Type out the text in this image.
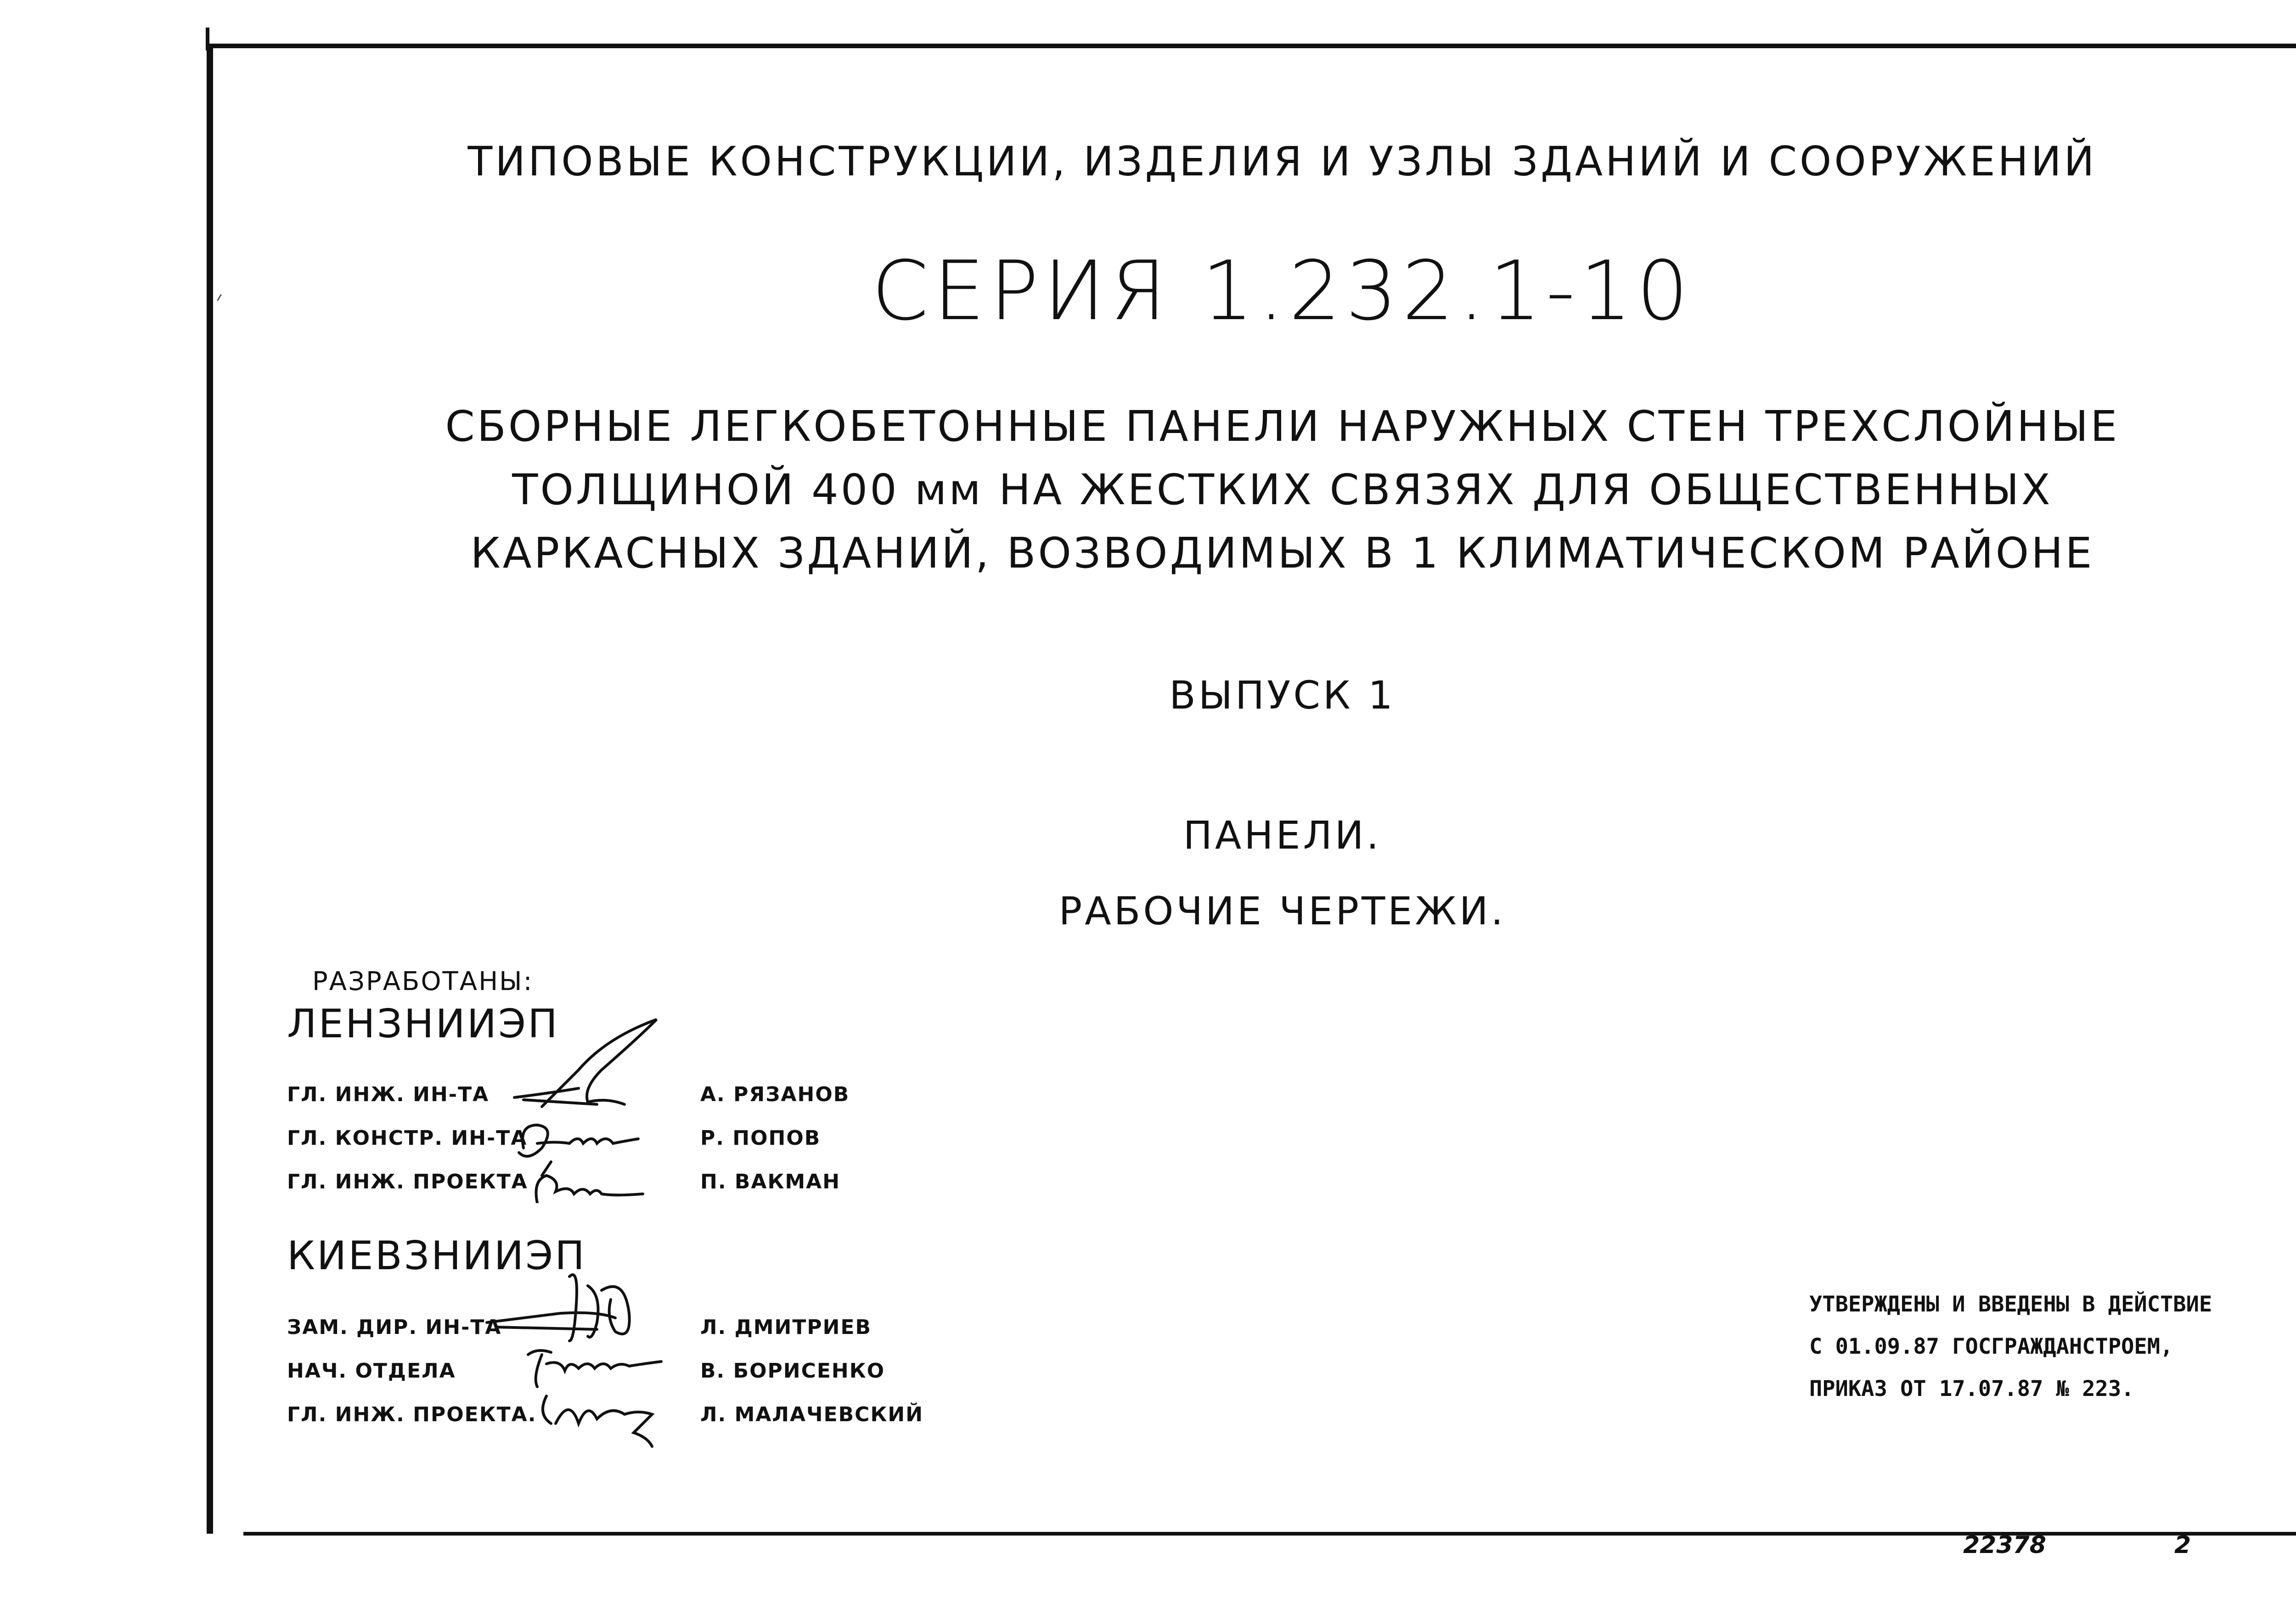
ТИПОВЫЕ КОНСТРУКЦИИ, ИЗДЕЛИЯ И УЗЛЫ ЗДАНИЙ И СООРУЖЕНИЙ
СЕРИЯ 1.232.1-10
СБОРНЫЕ ЛЕГКОБЕТОННЫЕ ПАНЕЛИ НАРУЖНЫХ СТЕН ТРЕХСЛОЙНЫЕ
ТОЛЩИНОЙ 400 мм НА ЖЕСТКИХ СВЯЗЯХ ДЛЯ ОБЩЕСТВЕННЫХ
КАРКАСНЫХ ЗДАНИЙ, ВОЗВОДИМЫХ В 1 КЛИМАТИЧЕСКОМ РАЙОНЕ
ВЫПУСК 1
ПАНЕЛИ.
РАБОЧИЕ ЧЕРТЕЖИ.
РАЗРАБОТАНЫ:
ЛЕНЗНИИЭП
ГЛ. ИНЖ. ИН-ТА
ГЛ. КОНСТР. ИН-ТА
ГЛ. ИНЖ. ПРОЕКТА
А. РЯЗАНОВ
Р. ПОПОВ
П. ВАКМАН
КИЕВЗНИИЭП
ЗАМ. ДИР. ИН-ТА
НАЧ. ОТДЕЛА
ГЛ. ИНЖ. ПРОЕКТА.
Л. ДМИТРИЕВ
В. БОРИСЕНКО
Л. МАЛАЧЕВСКИЙ
УТВЕРЖДЕНЫ И ВВЕДЕНЫ В ДЕЙСТВИЕ
С 01.09.87 ГОСГРАЖДАНСТРОЕМ,
ПРИКАЗ ОТ 17.07.87 № 223.
22378	2
